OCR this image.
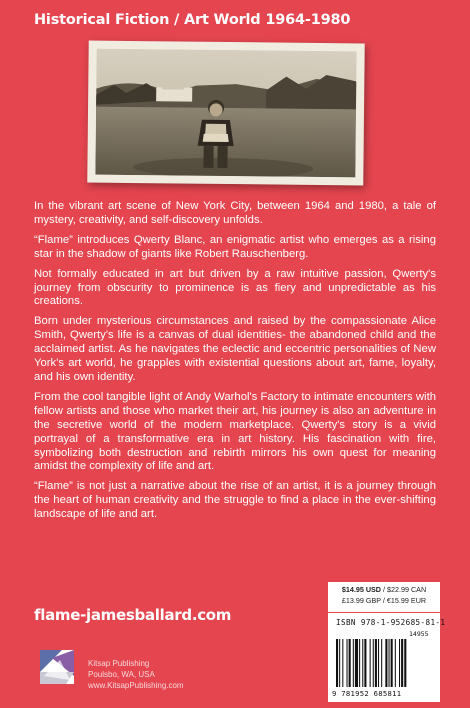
Historical Fiction / Art World 1964-1980

In the vibrant art scene of New York City, between 1964 and 1980, a tale of mystery, creativity, and self-discovery unfolds.

“Flame” introduces Qwerty Blanc, an enigmatic artist who emerges as a rising star in the shadow of giants like Robert Rauschenberg.

Not formally educated in art but driven by a raw intuitive passion, Qwerty's journey from obscurity to prominence is as fiery and unpredictable as his creations.

Born under mysterious circumstances and raised by the compassionate Alice Smith, Qwerty's life is a canvas of dual identities- the abandoned child and the acclaimed artist. As he navigates the eclectic and eccentric personalities of New York's art world, he grapples with existential questions about art, fame, loyalty, and his own identity.

From the cool tangible light of Andy Warhol's Factory to intimate encounters with fellow artists and those who market their art, his journey is also an adventure in the secretive world of the modern marketplace. Qwerty's story is a vivid portrayal of a transformative era in art history. His fascination with fire, symbolizing both destruction and rebirth mirrors his own quest for meaning amidst the complexity of life and art.

“Flame” is not just a narrative about the rise of an artist, it is a journey through the heart of human creativity and the struggle to find a place in the ever-shifting landscape of life and art.

flame-jamesballard.com
Kitsap Publishing
Poulsbo, WA, USA
www.KitsapPublishing.com
$14.95 USD / $22.99 CAN
£13.99 GBP / €15.99 EUR
ISBN 978-1-952685-81-1
14955
9 781952 685811
